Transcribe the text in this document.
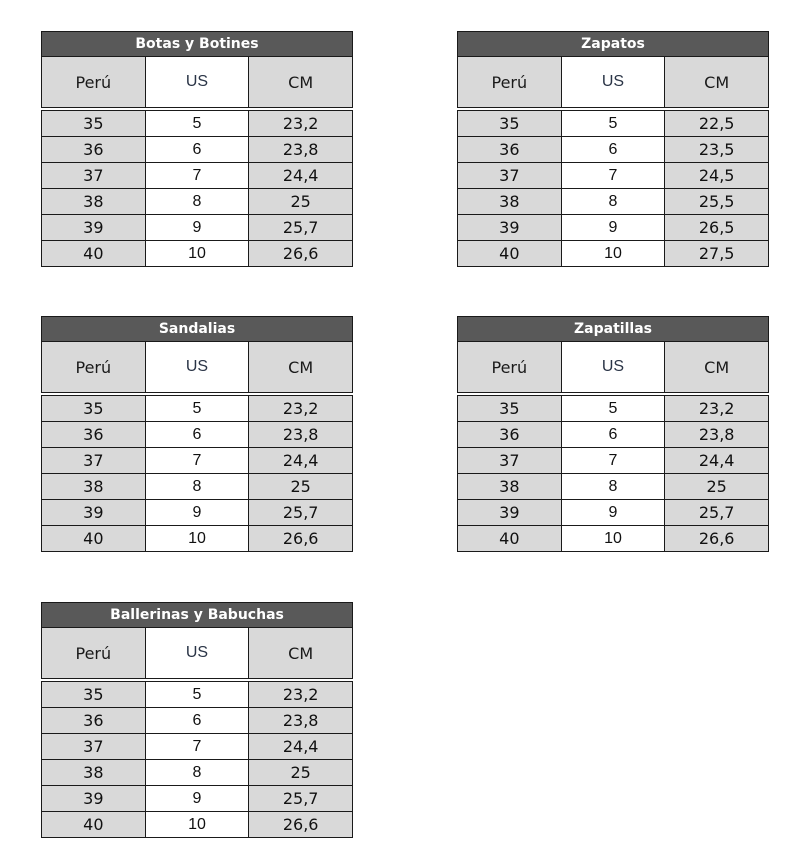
Botas y Botines		
Perú	US	CM

35	5	23,2
36	6	23,8
37	7	24,4
38	8	25
39	9	25,7
40	10	26,6
Zapatos		
Perú	US	CM

35	5	22,5
36	6	23,5
37	7	24,5
38	8	25,5
39	9	26,5
40	10	27,5
Sandalias		
Perú	US	CM

35	5	23,2
36	6	23,8
37	7	24,4
38	8	25
39	9	25,7
40	10	26,6
Zapatillas		
Perú	US	CM

35	5	23,2
36	6	23,8
37	7	24,4
38	8	25
39	9	25,7
40	10	26,6
Ballerinas y Babuchas		
Perú	US	CM

35	5	23,2
36	6	23,8
37	7	24,4
38	8	25
39	9	25,7
40	10	26,6
